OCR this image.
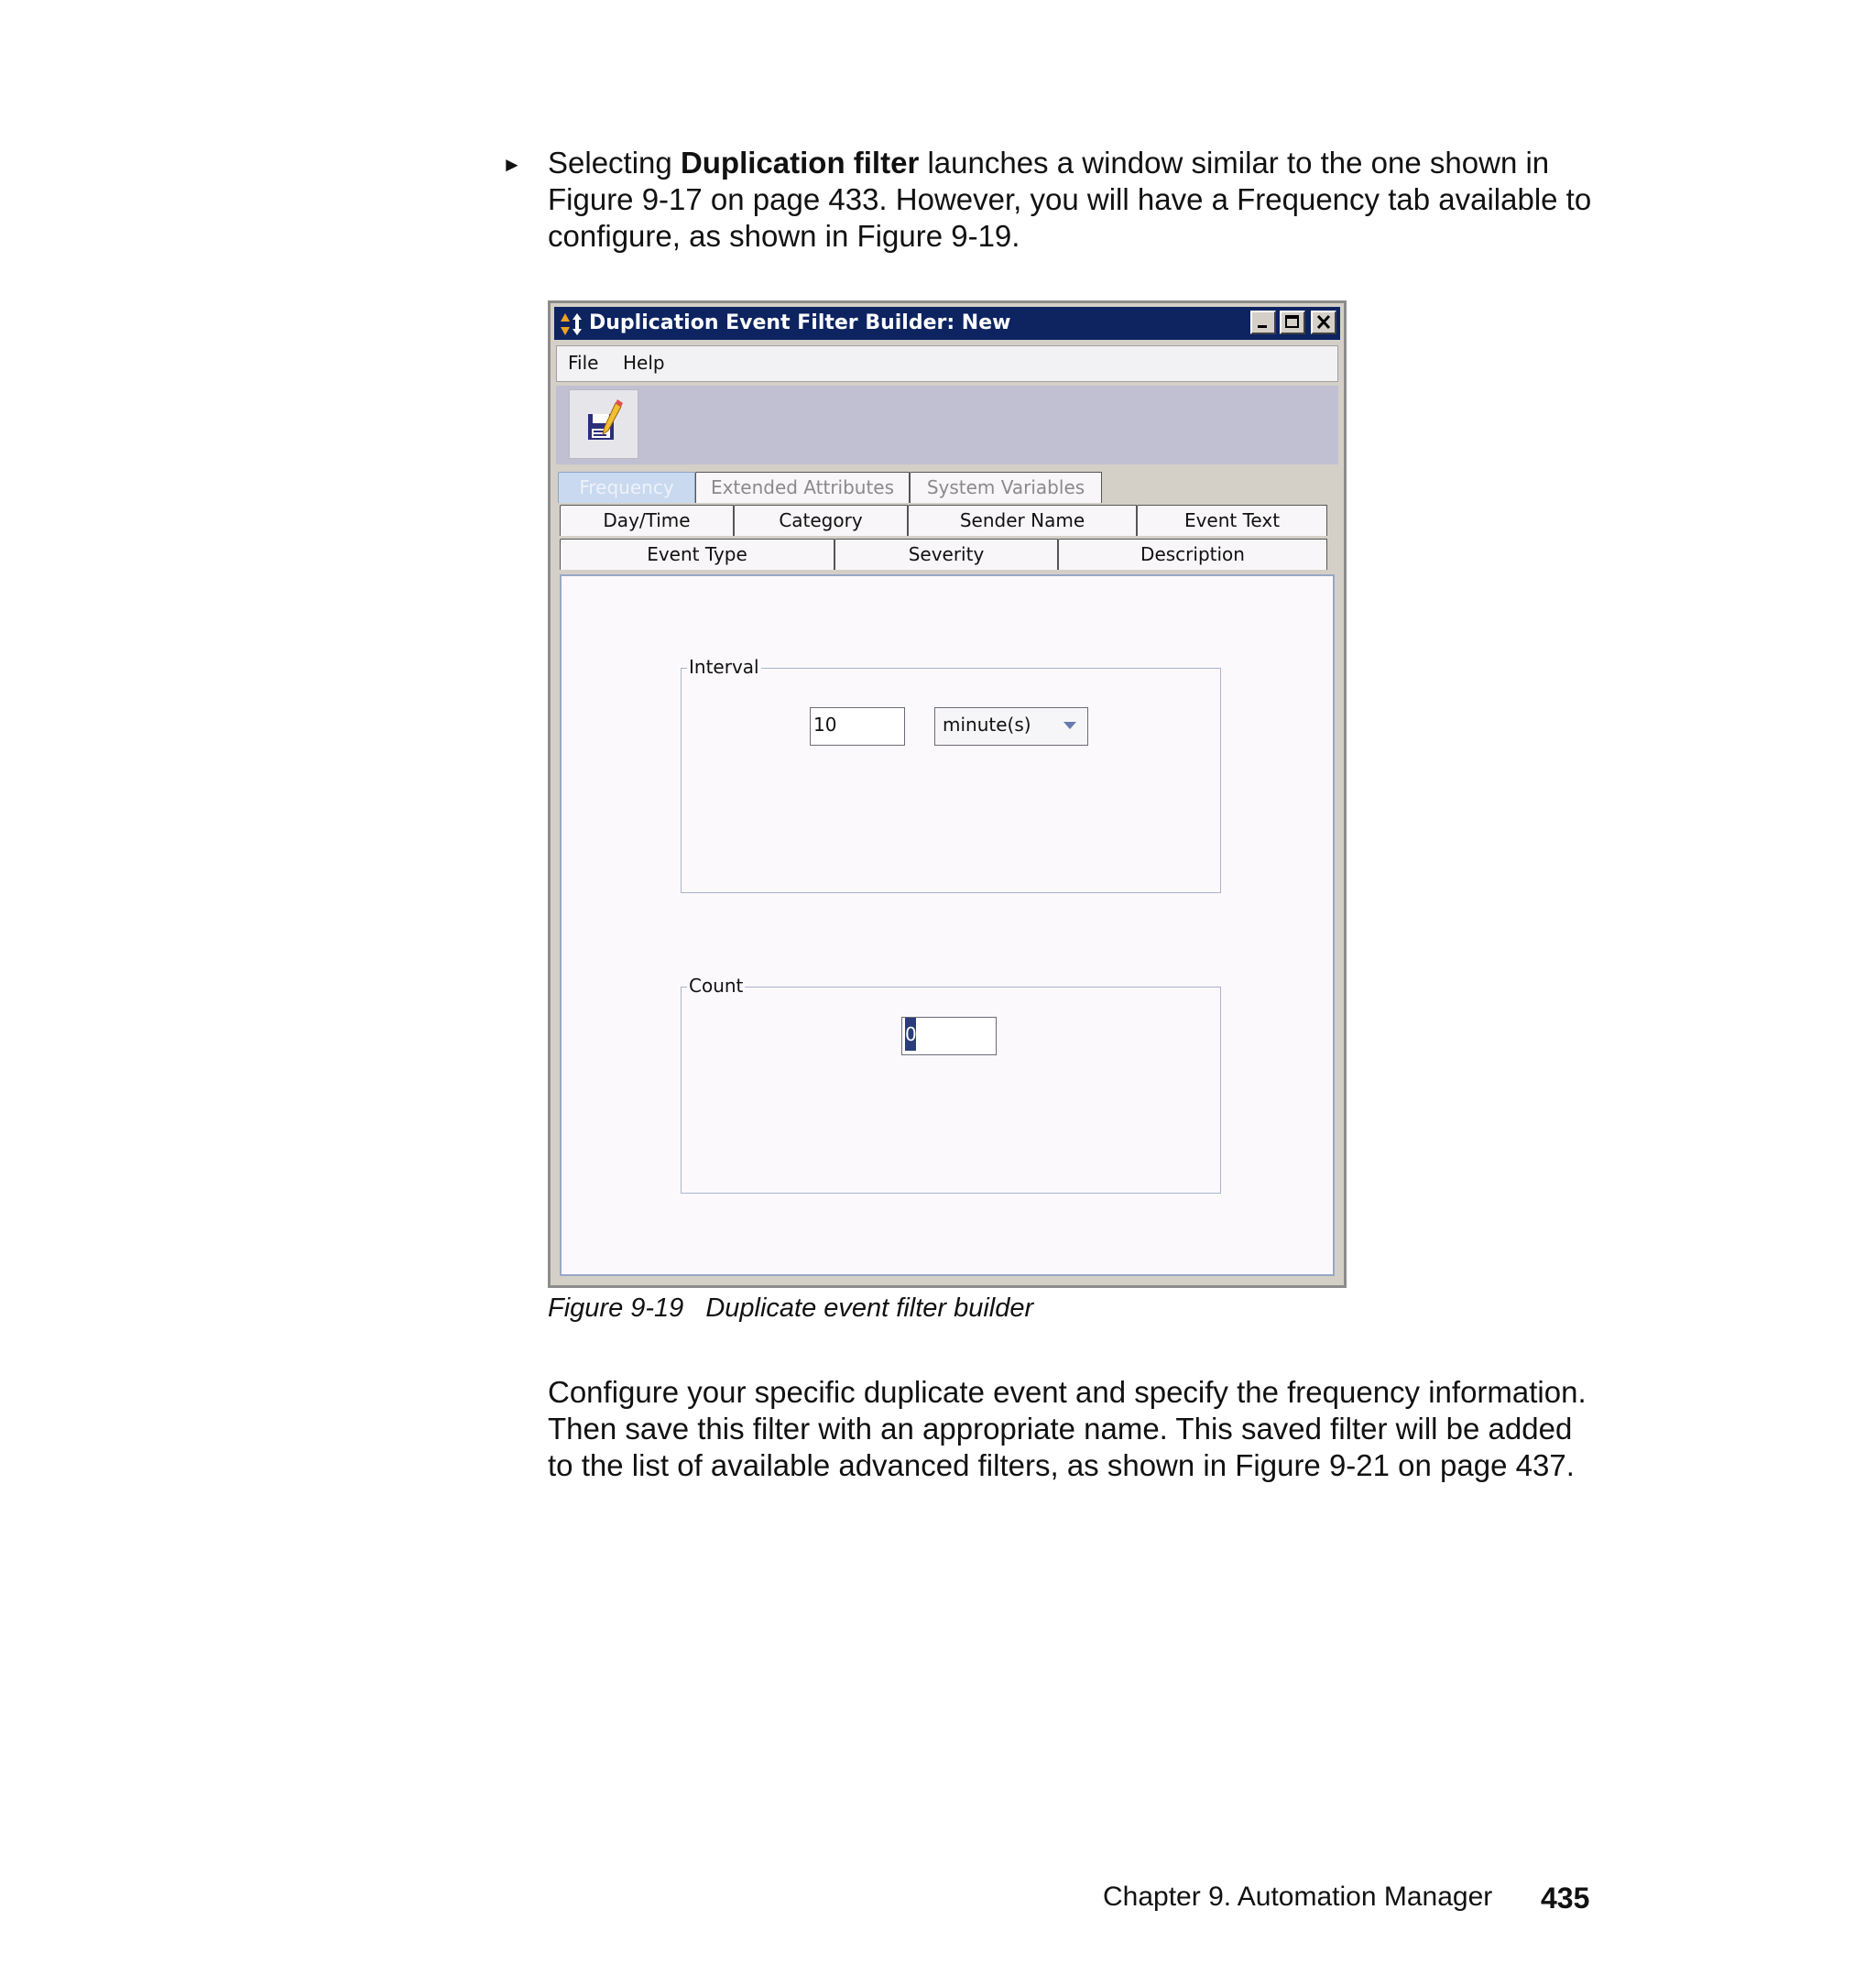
► Selecting Duplication filter launches a window similar to the one shown in
Figure 9-17 on page 433. However, you will have a Frequency tab available to
configure, as shown in Figure 9-19.

Duplication Event Filter Builder: New
File Help
Frequency	Extended Attributes	System Variables
Day/Time	Category	Sender Name	Event Text
Event Type	Severity	Description
Interval
10	minute(s)
Count
0
Figure 9-19 Duplicate event filter builder

Configure your specific duplicate event and specify the frequency information.
Then save this filter with an appropriate name. This saved filter will be added
to the list of available advanced filters, as shown in Figure 9-21 on page 437.

Chapter 9. Automation Manager 435
